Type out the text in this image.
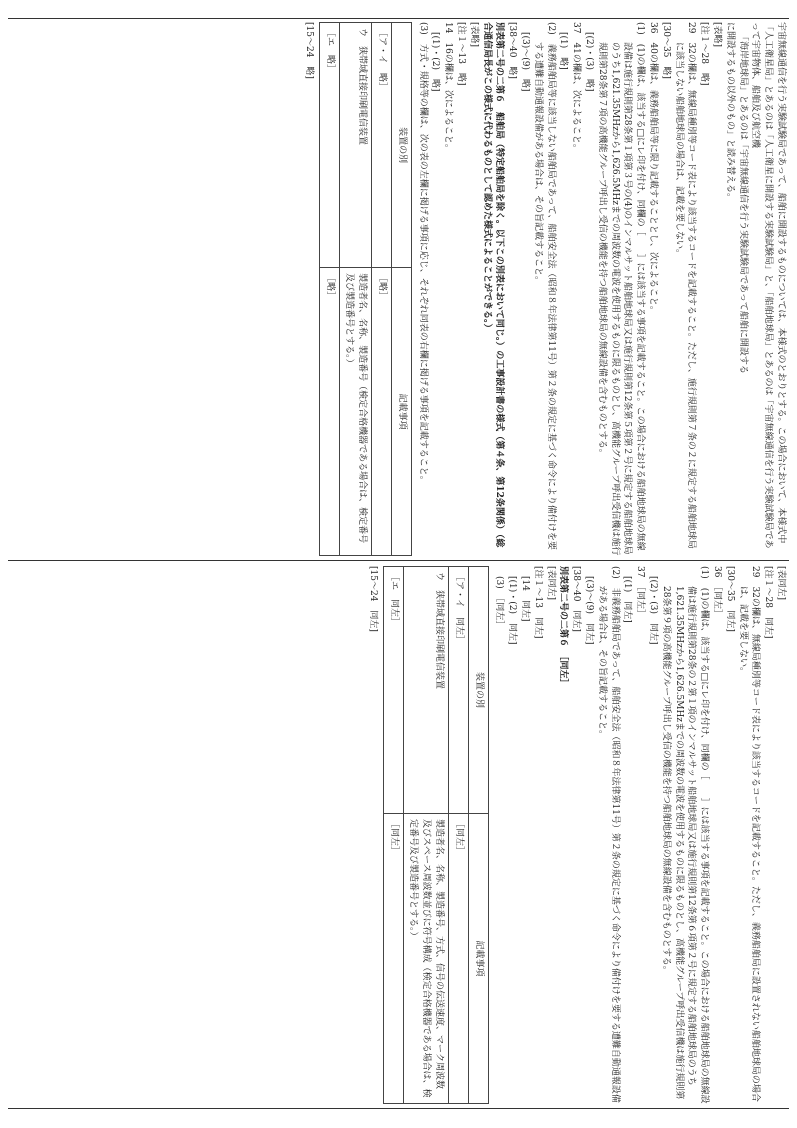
宇宙無線通信を行う実験試験局であって、船舶に開設するものについては、本様式のとおりとする。この場合において、本様式中「人工衛星局」とあるのは「人工衛星に開設する実験試験局」と、「船舶地球局」とあるのは「宇宙無線通信を行う実験試験局であって宇宙物体、船舶及び航空機

「海岸地球局」とあるのは「宇宙無線通信を行う実験試験局であって船舶に開設する

に開設するもの以外のもの」と読み替える。

[表略]

[注１～28　略]

29　32の欄は、無線局種別等コード表により該当するコードを記載すること。ただし、施行規則第７条の２に規定する船舶地球局に該当しない船舶地球局の場合は、記載を要しない。

[30～35　略]

36　40の欄は、義務船舶局等に限り記載することとし、次によること。

(1)　(1)の欄は、該当する□にレ印を付け、同欄の［　　］には該当する事項を記載すること。この場合における船舶地球局の無線設備は施行規則第28条第１項第３号の(4)のインマルサット船舶地球局又は施行規則第12条第５項第２号に規定する船舶地球局のうち1,621.35MHzから1,626.5MHzまでの周波数の電波を使用するものに限るものとし、高機能グループ呼出受信機は施行規則第28条第７項の高機能グループ呼出し受信の機能を持つ船舶地球局の無線設備を含むものとする。

[(2)・(3)　略]

37　41の欄は、次によること。

[(1)　略]

(2)　義務船舶局等に該当しない船舶局であって、船舶安全法（昭和８年法律第11号）第２条の規定に基づく命令により備付けを要する遭難自動通報設備がある場合は、その旨記載すること。

[(3)～(9)　略]

[38～40　略]

別表第二号の二第６　船舶局（特定船舶局を除く。以下この別表において同じ。）の工事設計書の様式（第４条、第12条関係）（総合通信局長がこの様式に代わるものとして認めた様式によることができる。）

[表略]

[注１～13　略]

14　16の欄は、次によること。

[(1)・(2)　略]

(3)　方式・規格等の欄は、次の表の左欄に掲げる事項に応じ、それぞれ同表の右欄に掲げる事項を記載すること。

装置の別	記載事項
［ア・イ　略］	［略］
ウ　狭帯域直接印刷電信装置	製造者名、名称、製造番号（検定合格機器である場合は、検定番号及び製造番号とする。）
［エ　略］	［略］

[15～24　略]

[表同左]

[注１～28　同左]

29　32の欄は、無線局種別等コード表により該当するコードを記載すること。ただし、義務船舶局に設置されない船舶地球局の場合は、記載を要しない。

[30～35　同左]

36　［同左］

(1)　(1)の欄は、該当する□にレ印を付け、同欄の［　　］には該当する事項を記載すること。この場合における船舶地球局の無線設備は施行規則第28条の２第１項のインマルサット船舶地球局又は施行規則第12条第６項第２号に規定する船舶地球局のうち1,621.35MHzから1,626.5MHzまでの周波数の電波を使用するものに限るものとし、高機能グループ呼出受信機は施行規則第28条第９項の高機能グループ呼出し受信の機能を持つ船舶地球局の無線設備を含むものとする。

[(2)・(3)　同左]

37　［同左］

[(1)　同左]

(2)　非義務船舶局であって、船舶安全法（昭和８年法律第11号）第２条の規定に基づく命令により備付けを要する遭難自動通報設備がある場合は、その旨記載すること。

[(3)～(9)　同左]

[38～40　同左]

別表第二号の二第６　［同左］

[表同左]

[注１～13　同左]

[14　同左]

[(1)・(2)　同左]

(3)　［同左］

装置の別	記載事項
［ア・イ　同左］	［同左］
ウ　狭帯域直接印刷電信装置	製造者名、名称、製造番号、方式、信号の伝送速度、マーク周波数及びスペース周波数並びに符号構成（検定合格機器である場合は、検定番号及び製造番号とする。）
［エ　同左］	［同左］

[15～24　同左]
